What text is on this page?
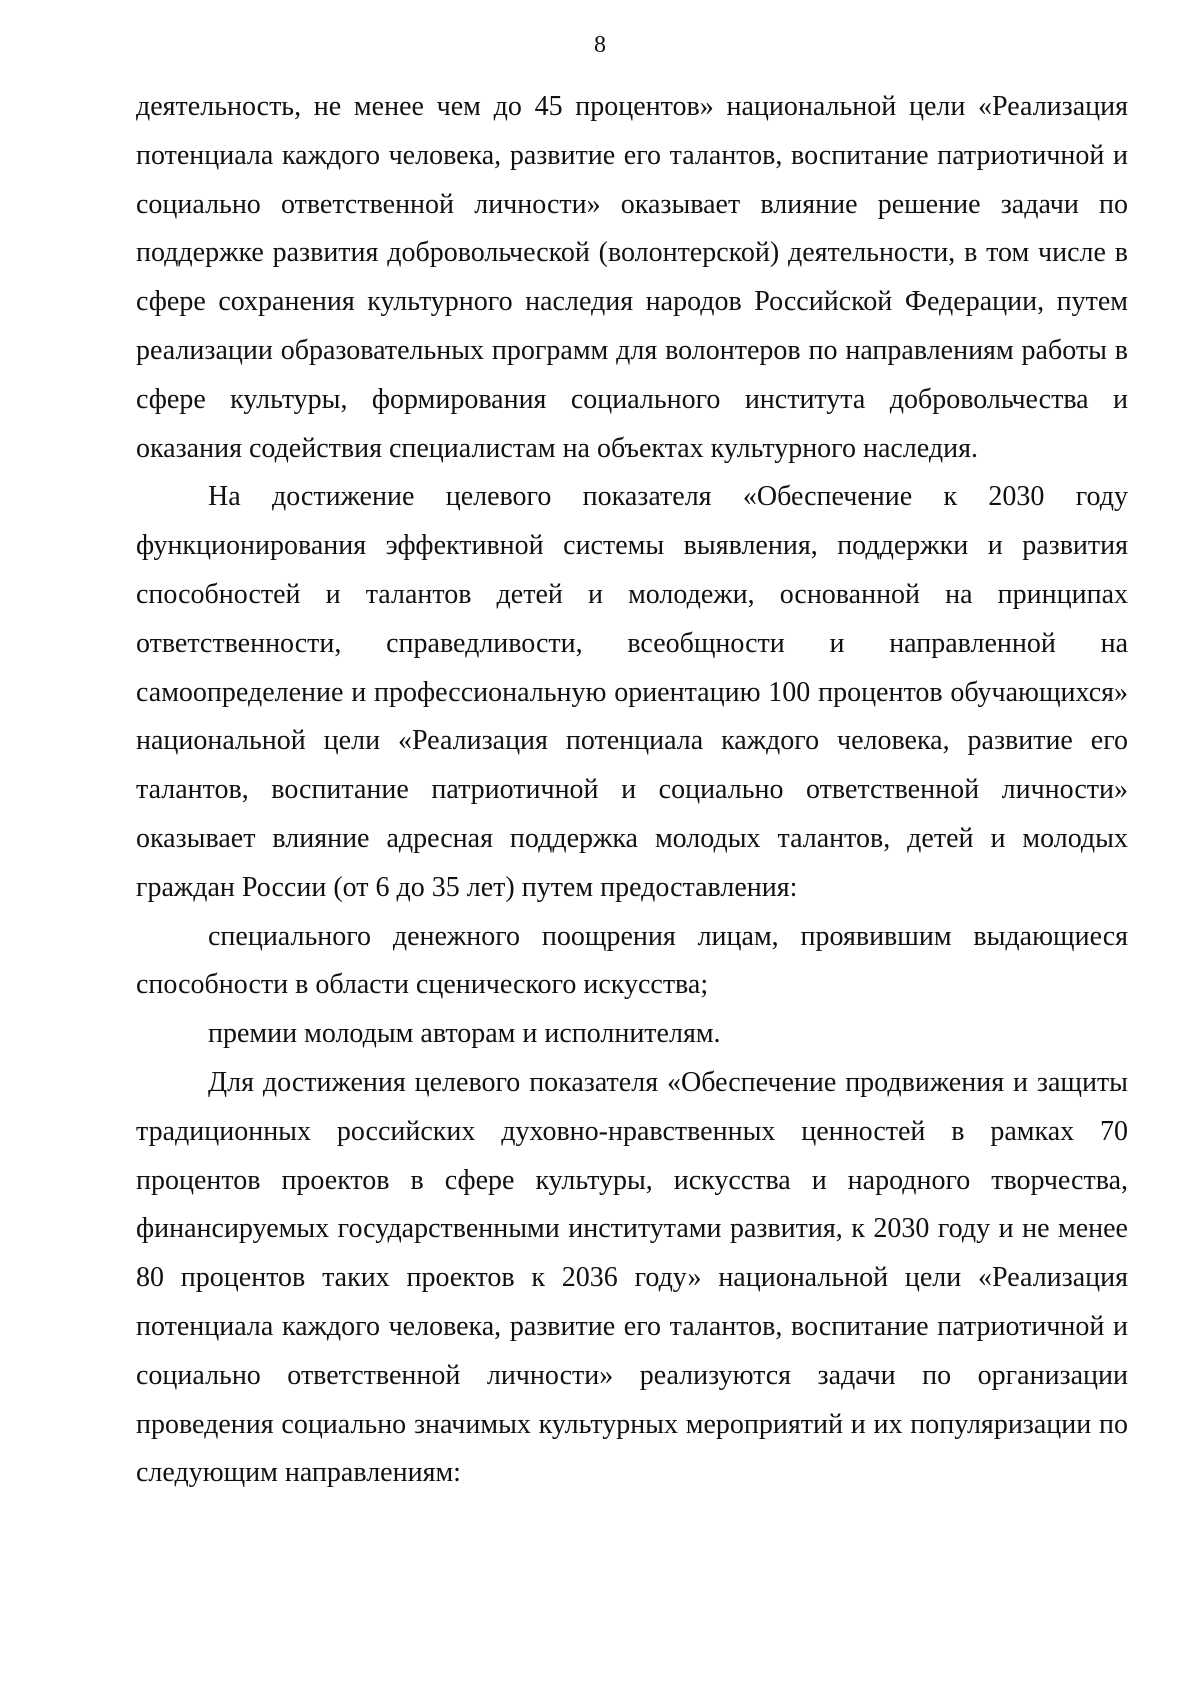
8

деятельность, не менее чем до 45 процентов» национальной цели «Реализация потенциала каждого человека, развитие его талантов, воспитание патриотичной и социально ответственной личности» оказывает влияние решение задачи по поддержке развития добровольческой (волонтерской) деятельности, в том числе в сфере сохранения культурного наследия народов Российской Федерации, путем реализации образовательных программ для волонтеров по направлениям работы в сфере культуры, формирования социального института добровольчества и оказания содействия специалистам на объектах культурного наследия.

На достижение целевого показателя «Обеспечение к 2030 году функционирования эффективной системы выявления, поддержки и развития способностей и талантов детей и молодежи, основанной на принципах ответственности, справедливости, всеобщности и направленной на самоопределение и профессиональную ориентацию 100 процентов обучающихся» национальной цели «Реализация потенциала каждого человека, развитие его талантов, воспитание патриотичной и социально ответственной личности» оказывает влияние адресная поддержка молодых талантов, детей и молодых граждан России (от 6 до 35 лет) путем предоставления:

специального денежного поощрения лицам, проявившим выдающиеся способности в области сценического искусства;

премии молодым авторам и исполнителям.

Для достижения целевого показателя «Обеспечение продвижения и защиты традиционных российских духовно-нравственных ценностей в рамках 70 процентов проектов в сфере культуры, искусства и народного творчества, финансируемых государственными институтами развития, к 2030 году и не менее 80 процентов таких проектов к 2036 году» национальной цели «Реализация потенциала каждого человека, развитие его талантов, воспитание патриотичной и социально ответственной личности» реализуются задачи по организации проведения социально значимых культурных мероприятий и их популяризации по следующим направлениям:
